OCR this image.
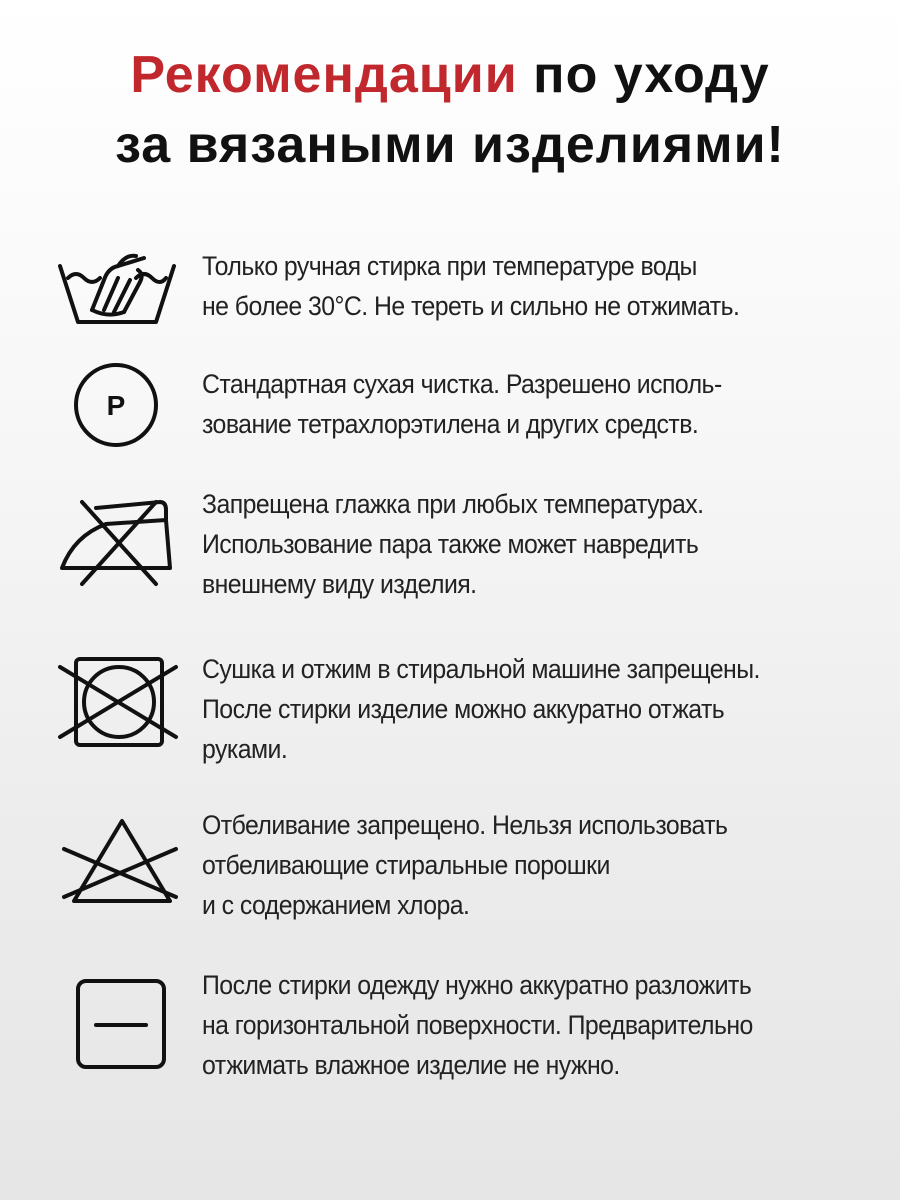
Рекомендации по уходу
за вязаными изделиями!
Только ручная стирка при температуре воды
не более 30°С. Не тереть и сильно не отжимать.
P
Стандартная сухая чистка. Разрешено исполь-
зование тетрахлорэтилена и других средств.
Запрещена глажка при любых температурах.
Использование пара также может навредить
внешнему виду изделия.
Сушка и отжим в стиральной машине запрещены.
После стирки изделие можно аккуратно отжать
руками.
Отбеливание запрещено. Нельзя использовать
отбеливающие стиральные порошки
и с содержанием хлора.
После стирки одежду нужно аккуратно разложить
на горизонтальной поверхности. Предварительно
отжимать влажное изделие не нужно.
